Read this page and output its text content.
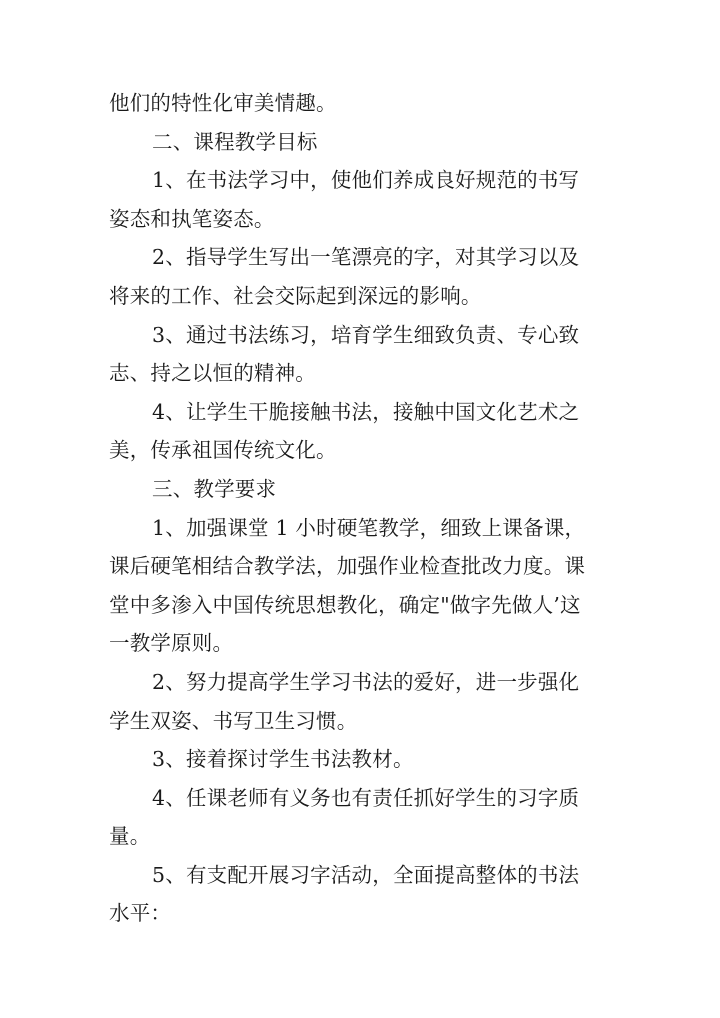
他们的特性化审美情趣。
二、课程教学目标
1、在书法学习中，使他们养成良好规范的书写
姿态和执笔姿态。
2、指导学生写出一笔漂亮的字，对其学习以及
将来的工作、社会交际起到深远的影响。
3、通过书法练习，培育学生细致负责、专心致
志、持之以恒的精神。
4、让学生干脆接触书法，接触中国文化艺术之
美，传承祖国传统文化。
三、教学要求
1、加强课堂 1 小时硬笔教学，细致上课备课，
课后硬笔相结合教学法，加强作业检查批改力度。课
堂中多渗入中国传统思想教化，确定"做字先做人’这
一教学原则。
2、努力提高学生学习书法的爱好，进一步强化
学生双姿、书写卫生习惯。
3、接着探讨学生书法教材。
4、任课老师有义务也有责任抓好学生的习字质
量。
5、有支配开展习字活动，全面提高整体的书法
水平：
